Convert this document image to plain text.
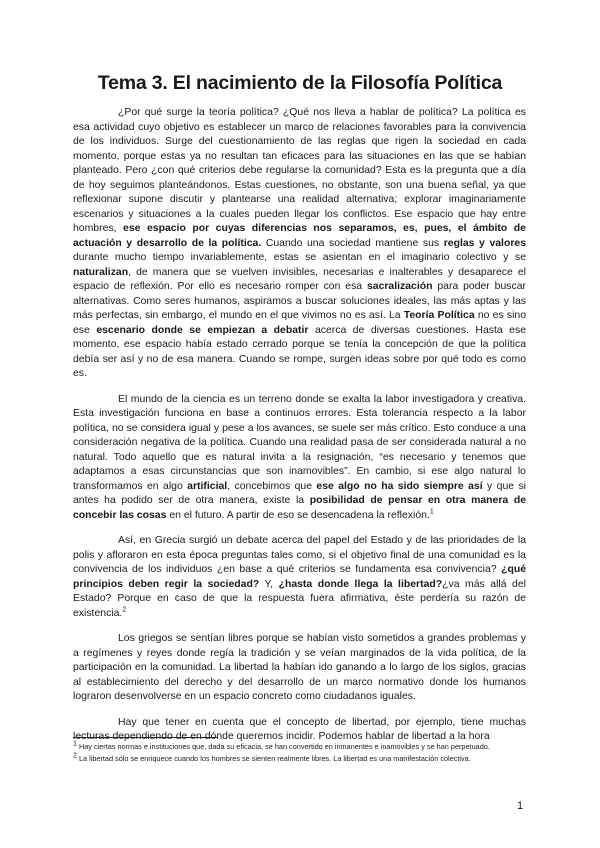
Tema 3. El nacimiento de la Filosofía Política

¿Por qué surge la teoría política? ¿Qué nos lleva a hablar de política? La política es esa actividad cuyo objetivo es establecer un marco de relaciones favorables para la convivencia de los individuos. Surge del cuestionamiento de las reglas que rigen la sociedad en cada momento, porque estas ya no resultan tan eficaces para las situaciones en las que se habían planteado. Pero ¿con qué criterios debe regularse la comunidad? Esta es la pregunta que a día de hoy seguimos planteándonos. Estas cuestiones, no obstante, son una buena señal, ya que reflexionar supone discutir y plantearse una realidad alternativa; explorar imaginariamente escenarios y situaciones a la cuales pueden llegar los conflictos. Ese espacio que hay entre hombres, ese espacio por cuyas diferencias nos separamos, es, pues, el ámbito de actuación y desarrollo de la política. Cuando una sociedad mantiene sus reglas y valores durante mucho tiempo invariablemente, estas se asientan en el imaginario colectivo y se naturalizan, de manera que se vuelven invisibles, necesarias e inalterables y desaparece el espacio de reflexión. Por ello es necesario romper con esa sacralización para poder buscar alternativas. Como seres humanos, aspiramos a buscar soluciones ideales, las más aptas y las más perfectas, sin embargo, el mundo en el que vivimos no es así. La Teoría Política no es sino ese escenario donde se empiezan a debatir acerca de diversas cuestiones. Hasta ese momento, ese espacio había estado cerrado porque se tenía la concepción de que la política debía ser así y no de esa manera. Cuando se rompe, surgen ideas sobre por qué todo es como es.

El mundo de la ciencia es un terreno donde se exalta la labor investigadora y creativa. Esta investigación funciona en base a continuos errores. Esta tolerancia respecto a la labor política, no se considera igual y pese a los avances, se suele ser más crítico. Esto conduce a una consideración negativa de la política. Cuando una realidad pasa de ser considerada natural a no natural. Todo aquello que es natural invita a la resignación, “es necesario y tenemos que adaptamos a esas circunstancias que son inamovibles”. En cambio, si ese algo natural lo transformamos en algo artificial, concebimos que ese algo no ha sido siempre así y que si antes ha podido ser de otra manera, existe la posibilidad de pensar en otra manera de concebir las cosas en el futuro. A partir de eso se desencadena la reflexión.$^1$

Así, en Grecia surgió un debate acerca del papel del Estado y de las prioridades de la polis y afloraron en esta época preguntas tales como, si el objetivo final de una comunidad es la convivencia de los individuos ¿en base a qué criterios se fundamenta esa convivencia? ¿qué principios deben regir la sociedad? Y, ¿hasta donde llega la libertad?¿va más allá del Estado? Porque en caso de que la respuesta fuera afirmativa, éste perdería su razón de existencia.$^2$

Los griegos se sentían libres porque se habían visto sometidos a grandes problemas y a regímenes y reyes donde regía la tradición y se veían marginados de la vida política, de la participación en la comunidad. La libertad la habían ido ganando a lo largo de los siglos, gracias al establecimiento del derecho y del desarrollo de un marco normativo donde los humanos lograron desenvolverse en un espacio concreto como ciudadanos iguales.

Hay que tener en cuenta que el concepto de libertad, por ejemplo, tiene muchas lecturas dependiendo de en dónde queremos incidir. Podemos hablar de libertad a la hora

$^1$ Hay ciertas normas e instituciones que, dada su eficacia, se han convertido en inmanentes e inamovibles y se han perpetuado.
$^2$ La libertad sólo se enriquece cuando los hombres se sienten realmente libres. La libertad es una manifestación colectiva.
1
